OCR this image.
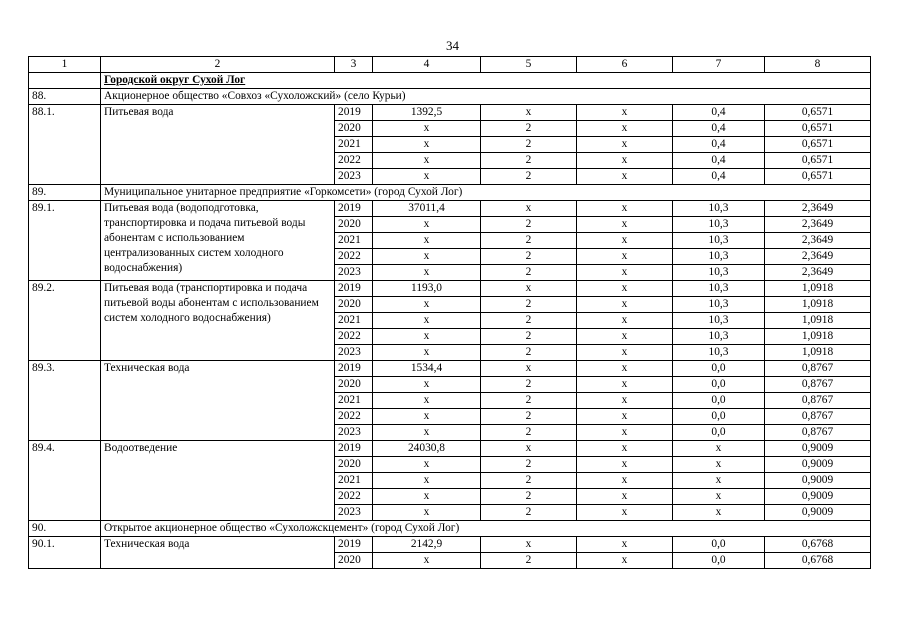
34
1	2	3	4	5	6	7	8
	Городской округ Сухой Лог						
88.	Акционерное общество «Совхоз «Сухоложский» (село Курьи)						
88.1.	Питьевая вода	2019	1392,5	x	x	0,4	0,6571
		2020	x	2	x	0,4	0,6571
		2021	x	2	x	0,4	0,6571
		2022	x	2	x	0,4	0,6571
		2023	x	2	x	0,4	0,6571
89.	Муниципальное унитарное предприятие «Горкомсети» (город Сухой Лог)						
89.1.	Питьевая вода (водоподготовка, транспортировка и подача питьевой воды абонентам с использованием централизованных систем холодного водоснабжения)	2019	37011,4	x	x	10,3	2,3649
		2020	x	2	x	10,3	2,3649
		2021	x	2	x	10,3	2,3649
		2022	x	2	x	10,3	2,3649
		2023	x	2	x	10,3	2,3649
89.2.	Питьевая вода (транспортировка и подача питьевой воды абонентам с использованием систем холодного водоснабжения)	2019	1193,0	x	x	10,3	1,0918
		2020	x	2	x	10,3	1,0918
		2021	x	2	x	10,3	1,0918
		2022	x	2	x	10,3	1,0918
		2023	x	2	x	10,3	1,0918
89.3.	Техническая вода	2019	1534,4	x	x	0,0	0,8767
		2020	x	2	x	0,0	0,8767
		2021	x	2	x	0,0	0,8767
		2022	x	2	x	0,0	0,8767
		2023	x	2	x	0,0	0,8767
89.4.	Водоотведение	2019	24030,8	x	x	x	0,9009
		2020	x	2	x	x	0,9009
		2021	x	2	x	x	0,9009
		2022	x	2	x	x	0,9009
		2023	x	2	x	x	0,9009
90.	Открытое акционерное общество «Сухоложскцемент» (город Сухой Лог)						
90.1.	Техническая вода	2019	2142,9	x	x	0,0	0,6768
		2020	x	2	x	0,0	0,6768
